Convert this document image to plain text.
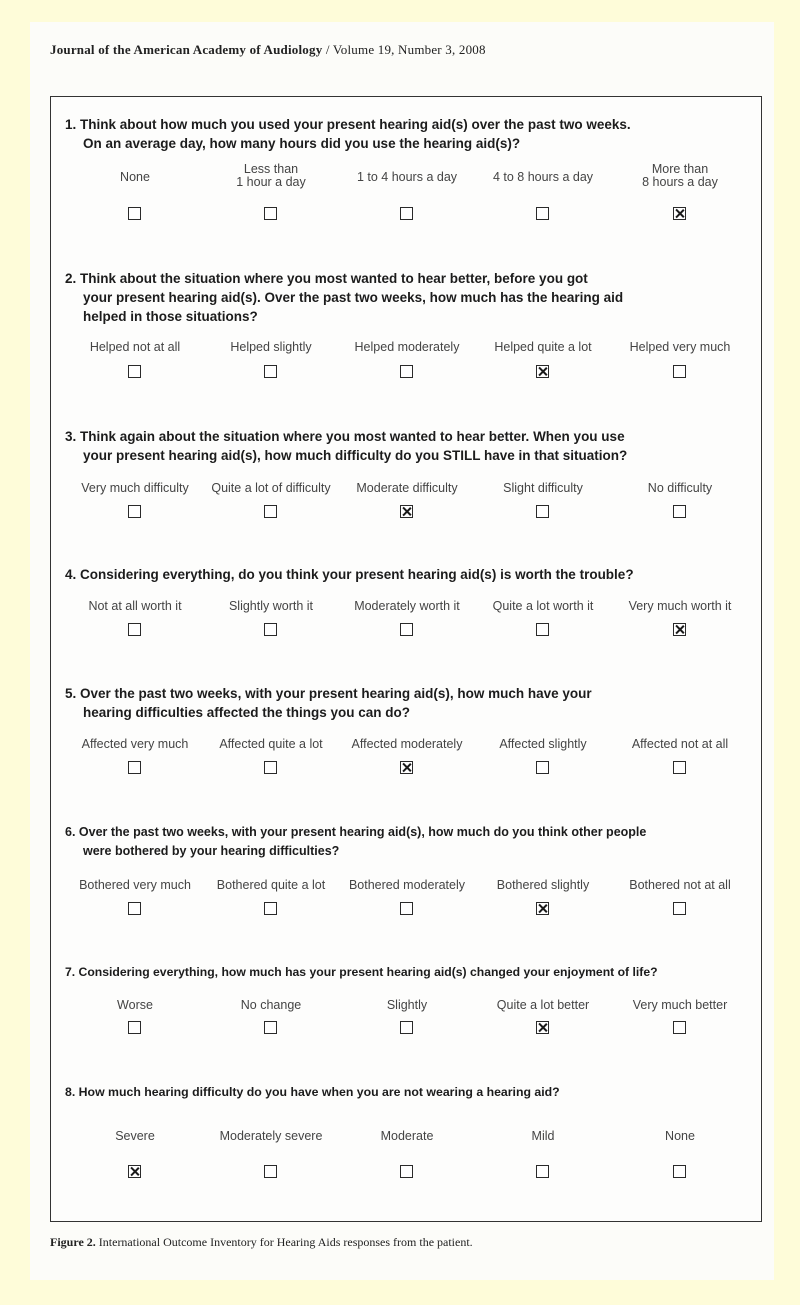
Journal of the American Academy of Audiology / Volume 19, Number 3, 2008
1. Think about how much you used your present hearing aid(s) over the past two weeks.
On an average day, how many hours did you use the hearing aid(s)?
None
Less than
1 hour a day	1 to 4 hours a day	4 to 8 hours a day
More than
8 hours a day
2. Think about the situation where you most wanted to hear better, before you got
your present hearing aid(s). Over the past two weeks, how much has the hearing aid
helped in those situations?
Helped not at all	Helped slightly	Helped moderately	Helped quite a lot	Helped very much
3. Think again about the situation where you most wanted to hear better. When you use
your present hearing aid(s), how much difficulty do you STILL have in that situation?
Very much difficulty	Quite a lot of difficulty	Moderate difficulty	Slight difficulty	No difficulty
4. Considering everything, do you think your present hearing aid(s) is worth the trouble?
Not at all worth it	Slightly worth it	Moderately worth it	Quite a lot worth it	Very much worth it
5. Over the past two weeks, with your present hearing aid(s), how much have your
hearing difficulties affected the things you can do?
Affected very much	Affected quite a lot	Affected moderately	Affected slightly	Affected not at all
6. Over the past two weeks, with your present hearing aid(s), how much do you think other people
were bothered by your hearing difficulties?
Bothered very much	Bothered quite a lot	Bothered moderately	Bothered slightly	Bothered not at all
7. Considering everything, how much has your present hearing aid(s) changed your enjoyment of life?
Worse	No change	Slightly	Quite a lot better	Very much better
8. How much hearing difficulty do you have when you are not wearing a hearing aid?
Severe	Moderately severe	Moderate	Mild	None
Figure 2. International Outcome Inventory for Hearing Aids responses from the patient.
